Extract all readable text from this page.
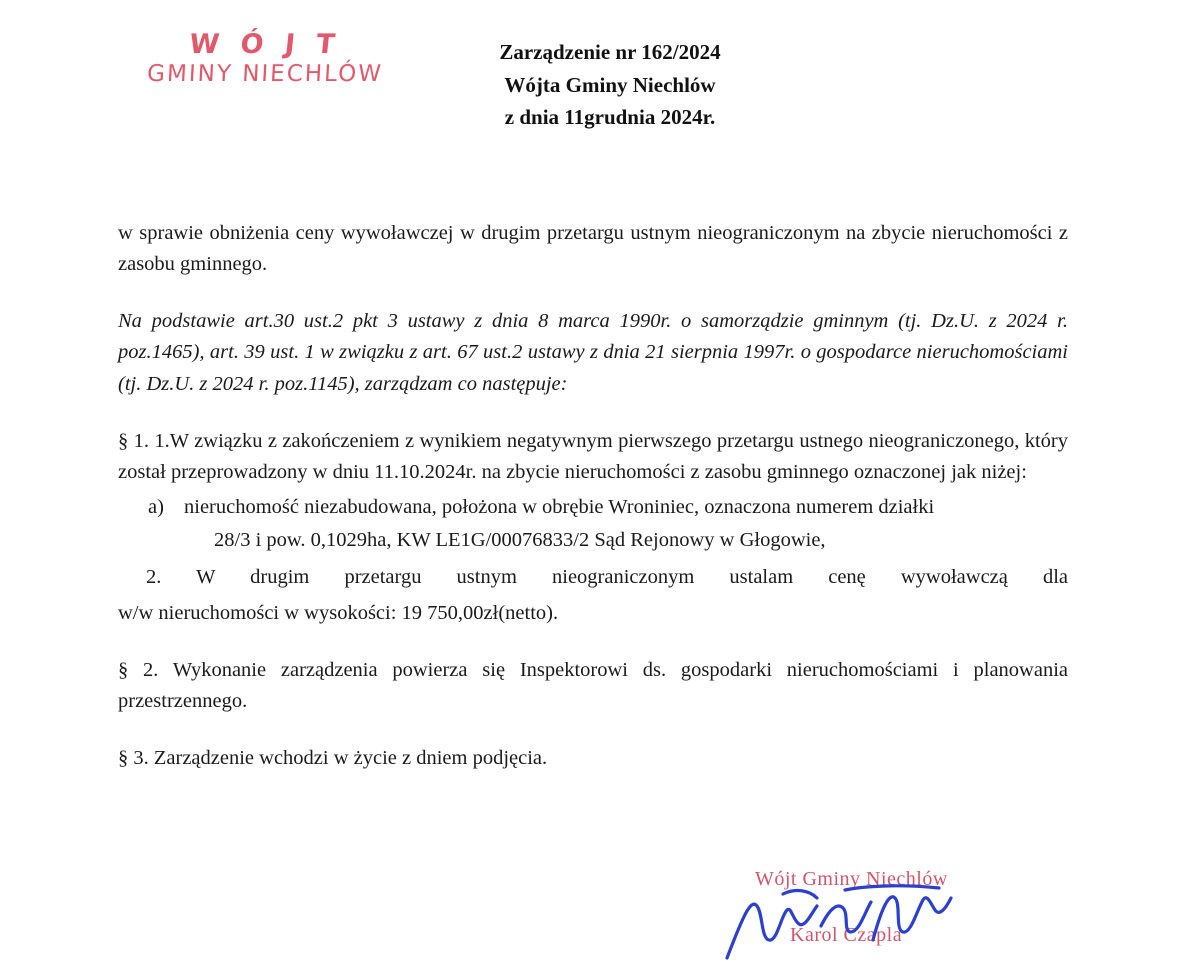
W Ó J T
GMINY NIECHLÓW
Zarządzenie nr 162/2024
Wójta Gminy Niechlów
z dnia 11grudnia 2024r.

w sprawie obniżenia ceny wywoławczej w drugim przetargu ustnym nieograniczonym na zbycie nieruchomości z zasobu gminnego.

Na podstawie art.30 ust.2 pkt 3 ustawy z dnia 8 marca 1990r. o samorządzie gminnym (tj. Dz.U. z 2024 r. poz.1465), art. 39 ust. 1 w związku z art. 67 ust.2 ustawy z dnia 21 sierpnia 1997r. o gospodarce nieruchomościami (tj. Dz.U. z 2024 r. poz.1145), zarządzam co następuje:

§ 1. 1.W związku z zakończeniem z wynikiem negatywnym pierwszego przetargu ustnego nieograniczonego, który został przeprowadzony w dniu 11.10.2024r. na zbycie nieruchomości z zasobu gminnego oznaczonej jak niżej:

a) nieruchomość niezabudowana, położona w obrębie Wroniniec, oznaczona numerem działki

28/3 i pow. 0,1029ha, KW LE1G/00076833/2 Sąd Rejonowy w Głogowie,

2. W drugim przetargu ustnym nieograniczonym ustalam cenę wywoławczą dla

w/w nieruchomości w wysokości: 19 750,00zł(netto).

§ 2. Wykonanie zarządzenia powierza się Inspektorowi ds. gospodarki nieruchomościami i planowania przestrzennego.

§ 3. Zarządzenie wchodzi w życie z dniem podjęcia.

Wójt Gminy Niechlów
Karol Czapla
